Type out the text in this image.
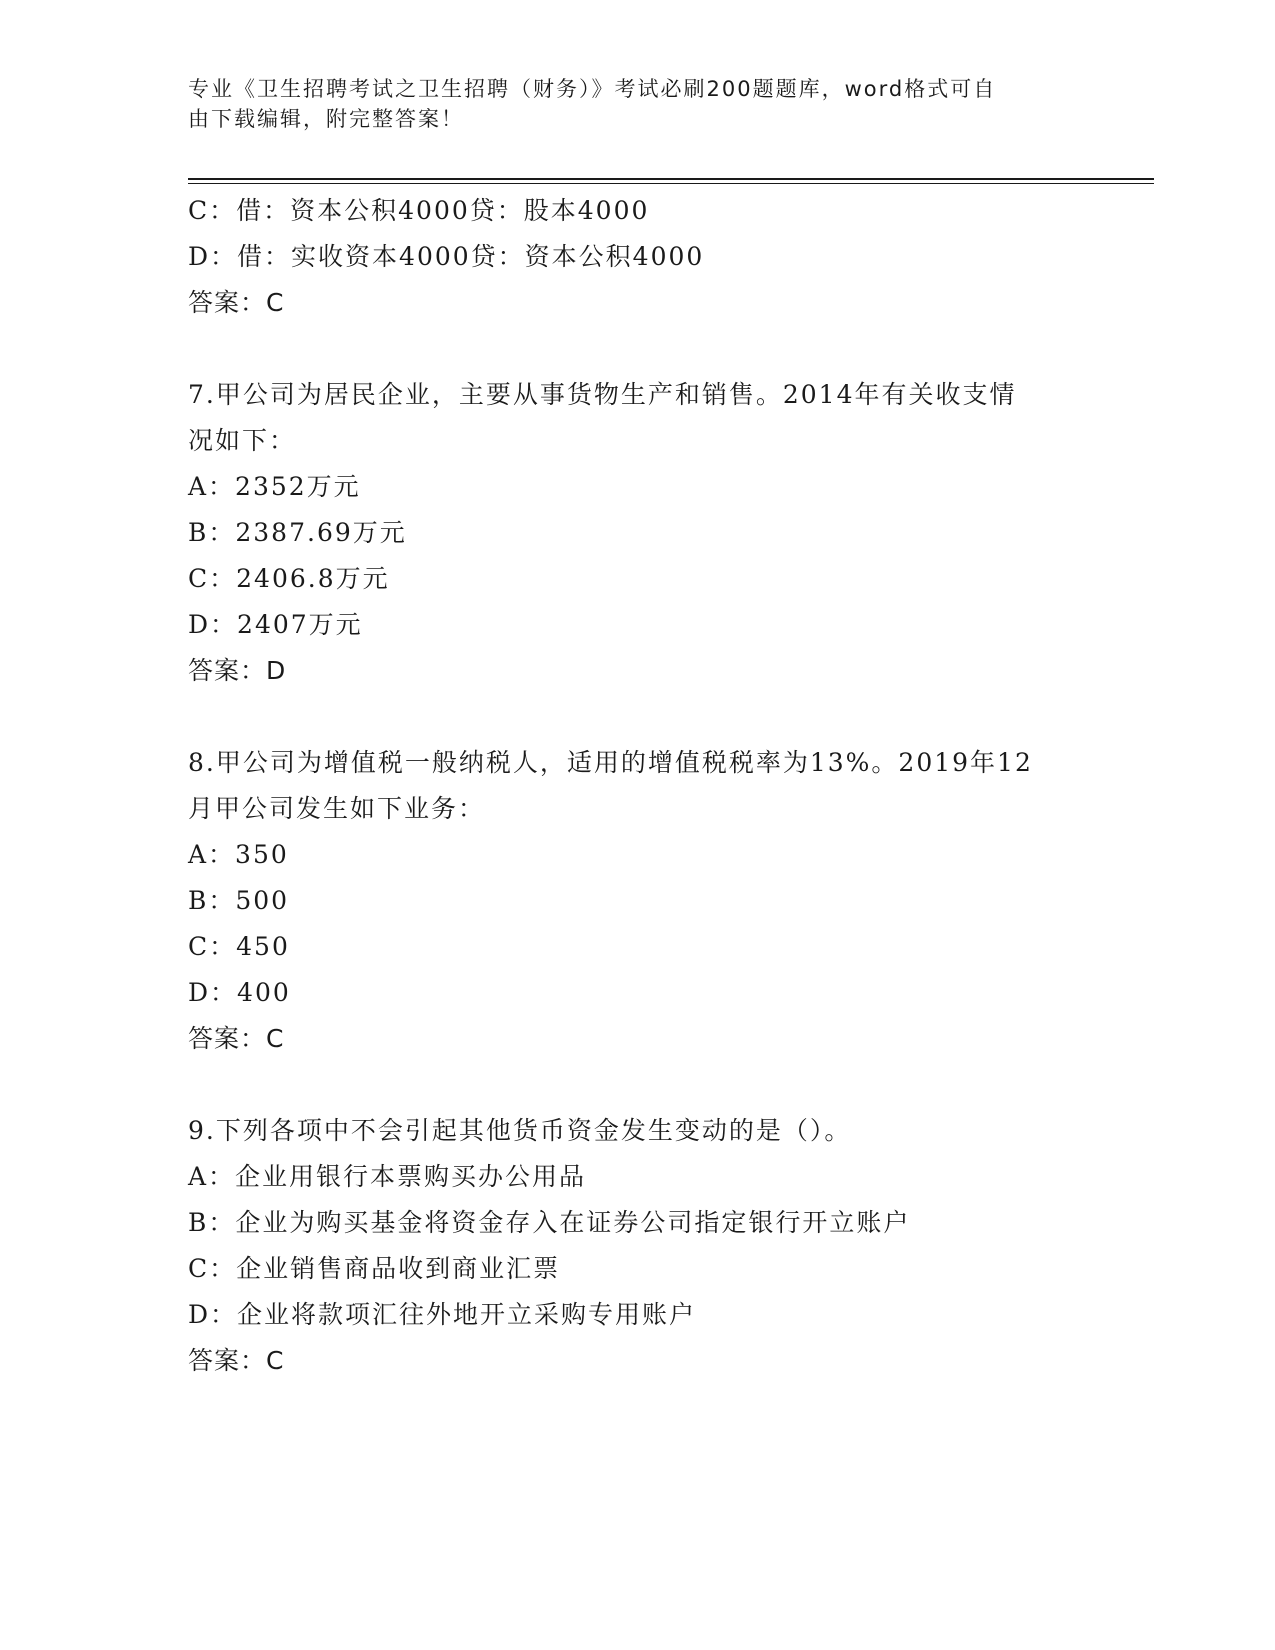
专业《卫生招聘考试之卫生招聘（财务）》考试必刷200题题库，word格式可自
由下载编辑，附完整答案！
C：借：资本公积4000贷：股本4000
D：借：实收资本4000贷：资本公积4000
答案：C
7.甲公司为居民企业，主要从事货物生产和销售。2014年有关收支情
况如下：
A：2352万元
B：2387.69万元
C：2406.8万元
D：2407万元
答案：D
8.甲公司为增值税一般纳税人，适用的增值税税率为13%。2019年12
月甲公司发生如下业务：
A：350
B：500
C：450
D：400
答案：C
9.下列各项中不会引起其他货币资金发生变动的是（）。
A：企业用银行本票购买办公用品
B：企业为购买基金将资金存入在证券公司指定银行开立账户
C：企业销售商品收到商业汇票
D：企业将款项汇往外地开立采购专用账户
答案：C
